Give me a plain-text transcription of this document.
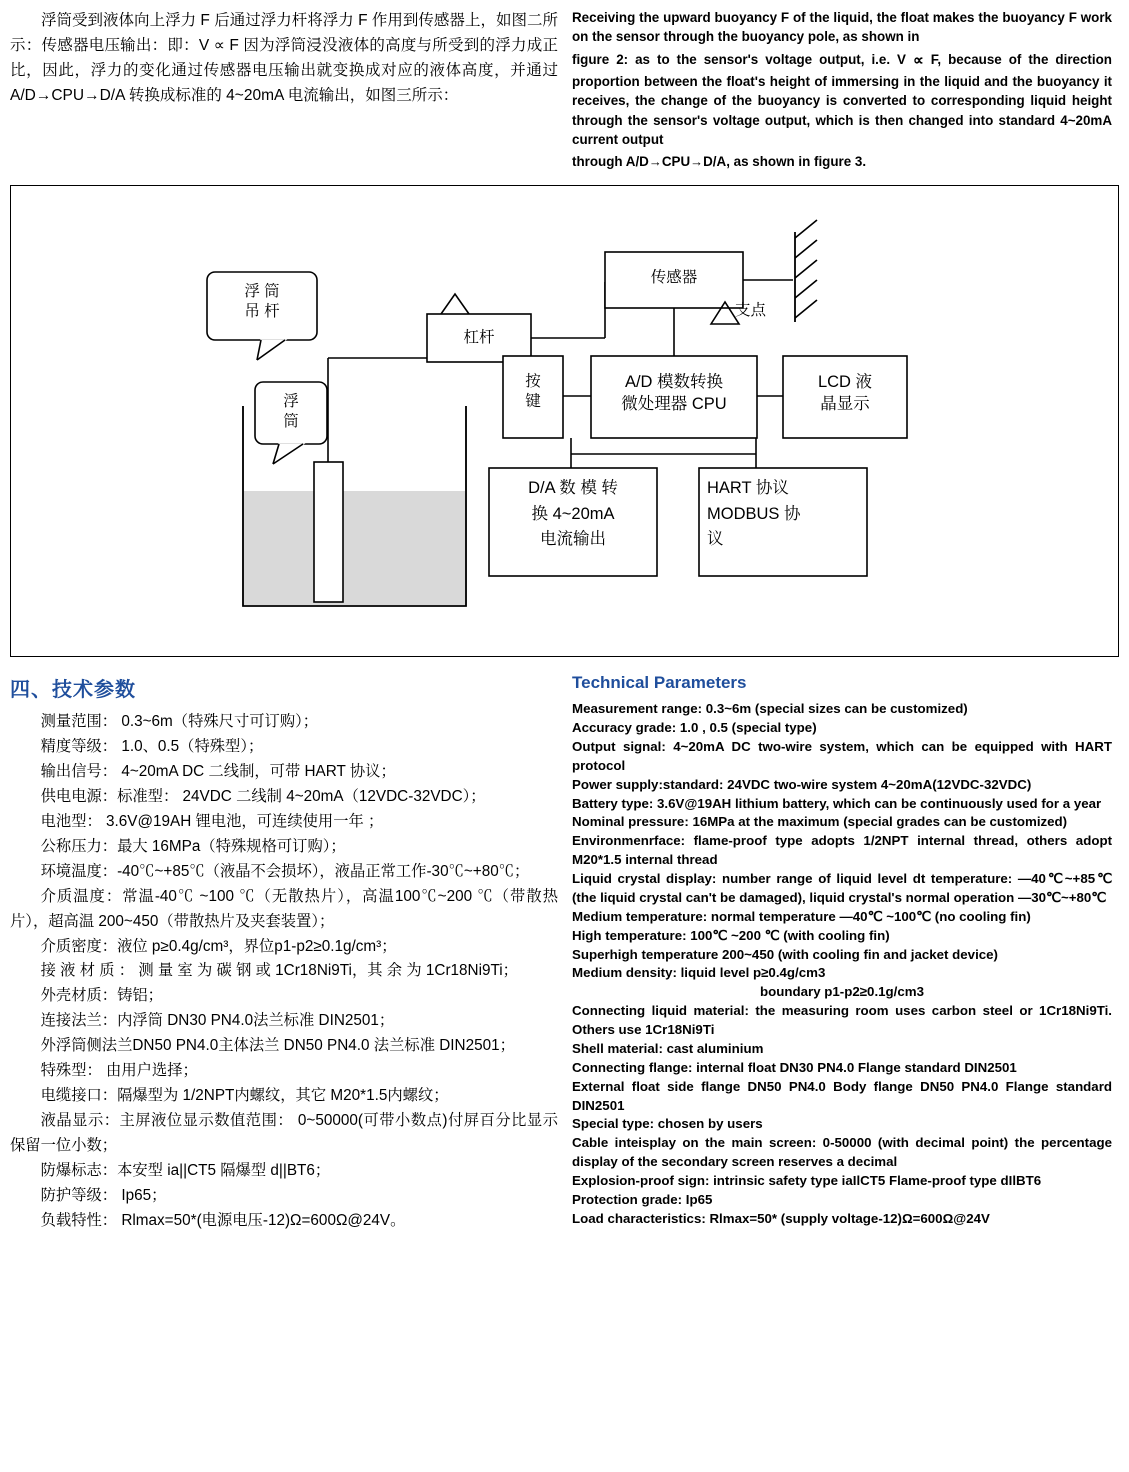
浮筒受到液体向上浮力 F 后通过浮力杆将浮力 F 作用到传感器上，如图二所示：传感器电压输出：即：V ∝ F 因为浮筒浸没液体的高度与所受到的浮力成正比，因此，浮力的变化通过传感器电压输出就变换成对应的液体高度，并通过 A/D→CPU→D/A 转换成标准的 4~20mA 电流输出，如图三所示：

Receiving the upward buoyancy F of the liquid, the float makes the buoyancy F work on the sensor through the buoyancy pole, as shown in

figure 2: as to the sensor's voltage output, i.e. V ∝ F, because of the direction proportion between the float's height of immersing in the liquid and the buoyancy it receives, the change of the buoyancy is converted to corresponding liquid height through the sensor's voltage output, which is then changed into standard 4~20mA current output

through A/D→CPU→D/A, as shown in figure 3.

传感器
支点
浮 筒
吊 杆
杠杆
浮
筒
按
键
A/D 模数转换
微处理器 CPU
LCD 液
晶显示
D/A 数 模 转
换 4~20mA
电流输出
HART 协议
MODBUS 协
议
四、技术参数

测量范围： 0.3~6m（特殊尺寸可订购）；

精度等级： 1.0、0.5（特殊型）；

输出信号： 4~20mA DC 二线制，可带 HART 协议；

供电电源：标准型： 24VDC 二线制 4~20mA（12VDC-32VDC）；

电池型： 3.6V@19AH 锂电池，可连续使用一年 ；

公称压力：最大 16MPa（特殊规格可订购）；

环境温度：-40℃~+85℃（液晶不会损坏），液晶正常工作-30℃~+80℃；

介质温度：常温-40℃ ~100 ℃（无散热片），高温100℃~200 ℃（带散热片），超高温 200~450（带散热片及夹套装置）；

介质密度：液位 p≥0.4g/cm³，界位p1-p2≥0.1g/cm³；

接 液 材 质 ： 测 量 室 为 碳 钢 或 1Cr18Ni9Ti，其 余 为 1Cr18Ni9Ti；

外壳材质：铸铝；

连接法兰：内浮筒 DN30 PN4.0法兰标准 DIN2501；

外浮筒侧法兰DN50 PN4.0主体法兰 DN50 PN4.0 法兰标准 DIN2501；

特殊型： 由用户选择；

电缆接口：隔爆型为 1/2NPT内螺纹，其它 M20*1.5内螺纹；

液晶显示：主屏液位显示数值范围： 0~50000(可带小数点)付屏百分比显示保留一位小数；

防爆标志：本安型 ia||CT5 隔爆型 d||BT6；

防护等级： Ip65；

负载特性： Rlmax=50*(电源电压-12)Ω=600Ω@24V。

Technical Parameters

Measurement range: 0.3~6m (special sizes can be customized)

Accuracy grade: 1.0 , 0.5 (special type)

Output signal: 4~20mA DC two-wire system, which can be equipped with HART protocol

Power supply:standard: 24VDC two-wire system 4~20mA(12VDC-32VDC)

Battery type: 3.6V@19AH lithium battery, which can be continuously used for a year

Nominal pressure: 16MPa at the maximum (special grades can be customized)

Environmenrface: flame-proof type adopts 1/2NPT internal thread, others adopt M20*1.5 internal thread

Liquid crystal display: number range of liquid level dt temperature: —40℃~+85℃ (the liquid crystal can't be damaged), liquid crystal's normal operation —30℃~+80℃

Medium temperature: normal temperature —40℃ ~100℃ (no cooling fin)

High temperature: 100℃ ~200 ℃ (with cooling fin)

Superhigh temperature 200~450 (with cooling fin and jacket device)

Medium density: liquid level p≥0.4g/cm3

boundary p1-p2≥0.1g/cm3

Connecting liquid material: the measuring room uses carbon steel or 1Cr18Ni9Ti. Others use 1Cr18Ni9Ti

Shell material: cast aluminium

Connecting flange: internal float DN30 PN4.0 Flange standard DIN2501

External float side flange DN50 PN4.0 Body flange DN50 PN4.0 Flange standard DIN2501

Special type: chosen by users

Cable inteisplay on the main screen: 0-50000 (with decimal point) the percentage display of the secondary screen reserves a decimal

Explosion-proof sign: intrinsic safety type iaIlCT5 Flame-proof type dIlBT6

Protection grade: Ip65

Load characteristics: Rlmax=50* (supply voltage-12)Ω=600Ω@24V
